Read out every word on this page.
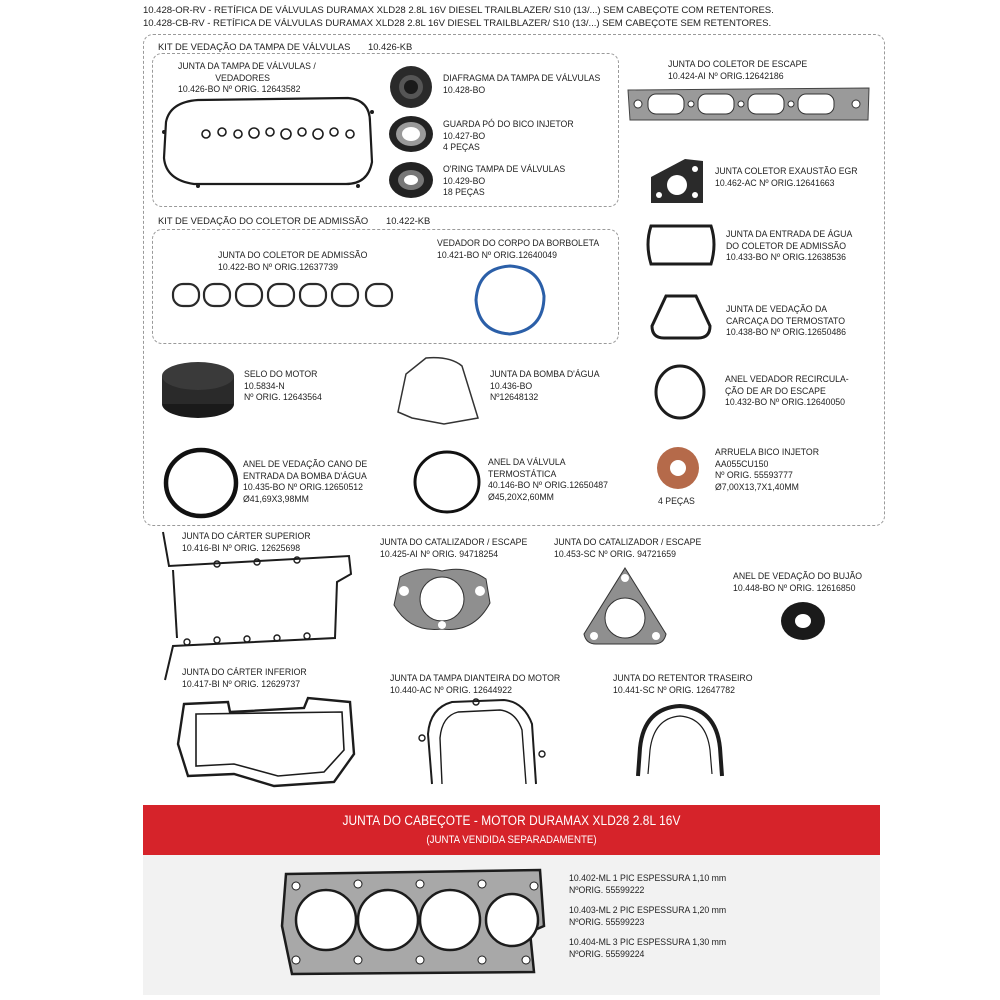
10.428-OR-RV - RETÍFICA DE VÁLVULAS DURAMAX XLD28 2.8L 16V DIESEL TRAILBLAZER/ S10 (13/...) SEM CABEÇOTE COM RETENTORES.
10.428-CB-RV - RETÍFICA DE VÁLVULAS DURAMAX XLD28 2.8L 16V DIESEL TRAILBLAZER/ S10 (13/...) SEM CABEÇOTE SEM RETENTORES.
KIT DE VEDAÇÃO DA TAMPA DE VÁLVULAS 10.426-KB
JUNTA DA TAMPA DE VÁLVULAS /
VEDADORES
10.426-BO Nº ORIG. 12643582
DIAFRAGMA DA TAMPA DE VÁLVULAS
10.428-BO
GUARDA PÓ DO BICO INJETOR
10.427-BO
4 PEÇAS
O'RING TAMPA DE VÁLVULAS
10.429-BO
18 PEÇAS
JUNTA DO COLETOR DE ESCAPE
10.424-AI Nº ORIG.12642186
JUNTA COLETOR EXAUSTÃO EGR
10.462-AC Nº ORIG.12641663
KIT DE VEDAÇÃO DO COLETOR DE ADMISSÃO 10.422-KB
JUNTA DO COLETOR DE ADMISSÃO
10.422-BO Nº ORIG.12637739
VEDADOR DO CORPO DA BORBOLETA
10.421-BO Nº ORIG.12640049
JUNTA DA ENTRADA DE ÁGUA
DO COLETOR DE ADMISSÃO
10.433-BO Nº ORIG.12638536
JUNTA DE VEDAÇÃO DA
CARCAÇA DO TERMOSTATO
10.438-BO Nº ORIG.12650486
SELO DO MOTOR
10.5834-N
Nº ORIG. 12643564
JUNTA DA BOMBA D'ÁGUA
10.436-BO
Nº12648132
ANEL VEDADOR RECIRCULA-
ÇÃO DE AR DO ESCAPE
10.432-BO Nº ORIG.12640050
ANEL DE VEDAÇÃO CANO DE
ENTRADA DA BOMBA D'ÁGUA
10.435-BO Nº ORIG.12650512
Ø41,69X3,98MM
ANEL DA VÁLVULA
TERMOSTÁTICA
40.146-BO Nº ORIG.12650487
Ø45,20X2,60MM
ARRUELA BICO INJETOR
AA055CU150
Nº ORIG. 55593777
Ø7,00X13,7X1,40MM
4 PEÇAS
JUNTA DO CÁRTER SUPERIOR
10.416-BI Nº ORIG. 12625698	JUNTA DO CATALIZADOR / ESCAPE
10.425-AI Nº ORIG. 94718254
JUNTA DO CATALIZADOR / ESCAPE
10.453-SC Nº ORIG. 94721659
ANEL DE VEDAÇÃO DO BUJÃO
10.448-BO Nº ORIG. 12616850
JUNTA DO CÁRTER INFERIOR
10.417-BI Nº ORIG. 12629737	JUNTA DA TAMPA DIANTEIRA DO MOTOR
10.440-AC Nº ORIG. 12644922
JUNTA DO RETENTOR TRASEIRO
10.441-SC Nº ORIG. 12647782
JUNTA DO CABEÇOTE - MOTOR DURAMAX XLD28 2.8L 16V
(JUNTA VENDIDA SEPARADAMENTE)
10.402-ML 1 PIC ESPESSURA 1,10 mm
NºORIG. 55599222
10.403-ML 2 PIC ESPESSURA 1,20 mm
NºORIG. 55599223
10.404-ML 3 PIC ESPESSURA 1,30 mm
NºORIG. 55599224
